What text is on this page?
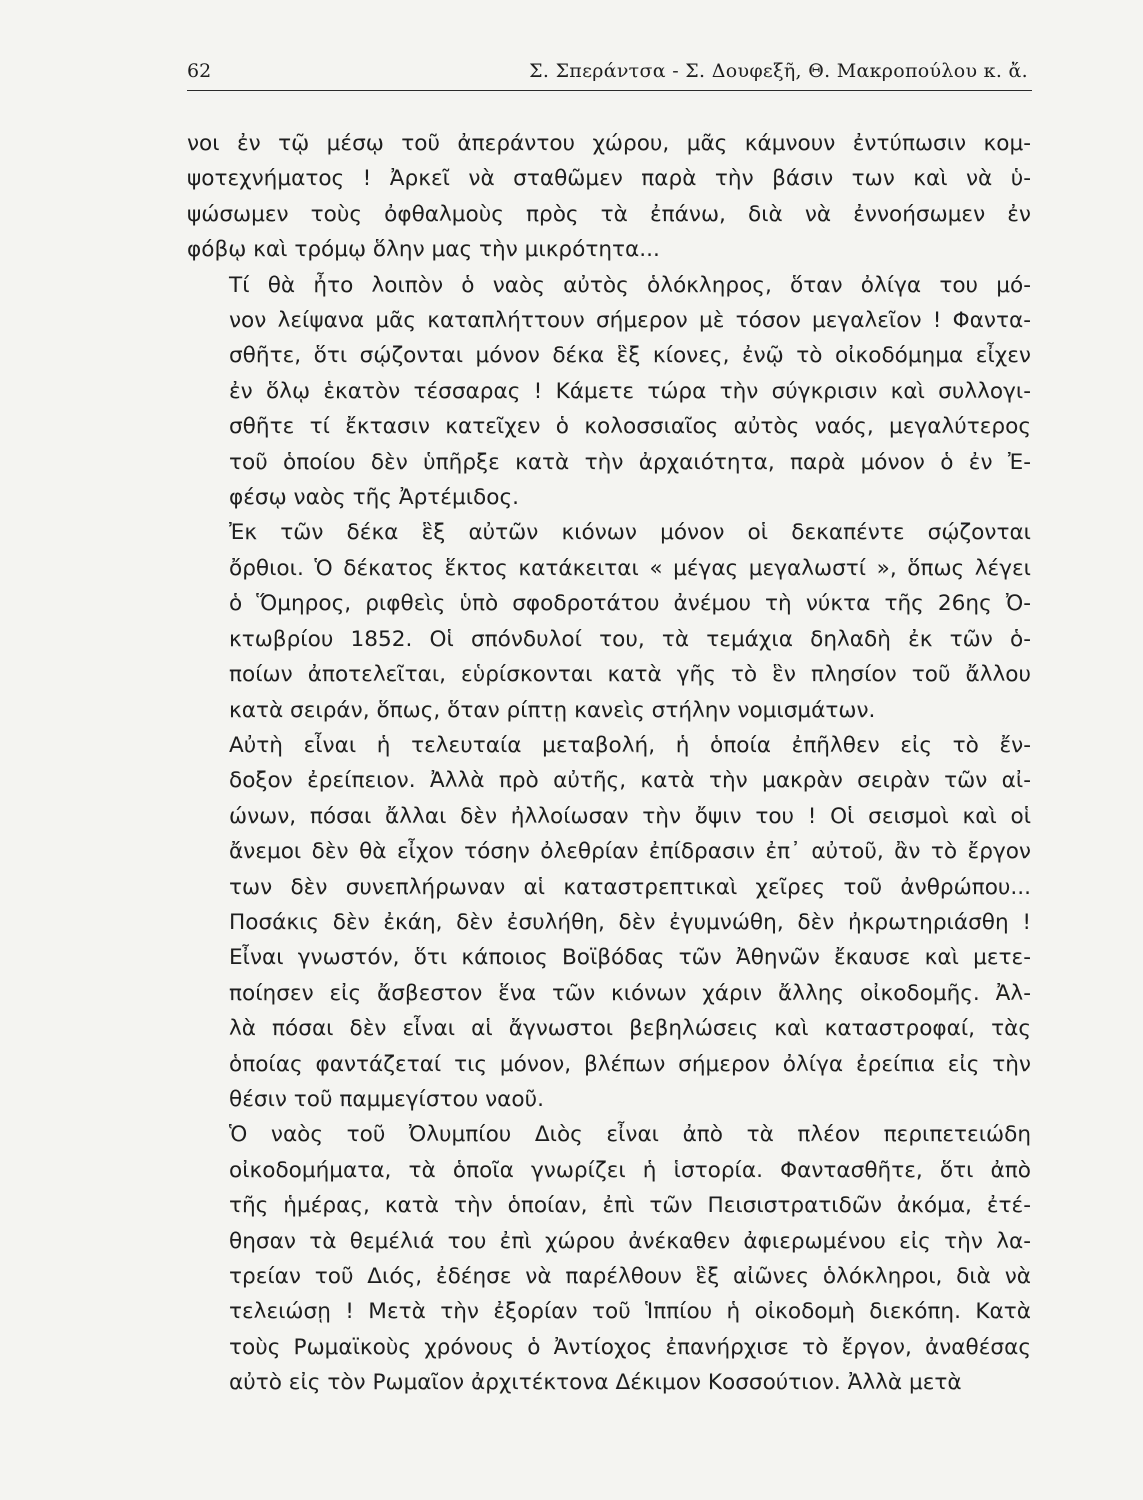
62	Σ. Σπεράντσα - Σ. Δουφεξῆ, Θ. Μακροπούλου κ. ἄ.

νοι ἐν τῷ μέσῳ τοῦ ἀπεράντου χώρου, μᾶς κάμνουν ἐντύπωσιν κομ-
ψοτεχνήματος ! Ἀρκεῖ νὰ σταθῶμεν παρὰ τὴν βάσιν των καὶ νὰ ὑ-
ψώσωμεν τοὺς ὀφθαλμοὺς πρὸς τὰ ἐπάνω, διὰ νὰ ἐννοήσωμεν ἐν
φόβῳ καὶ τρόμῳ ὅλην μας τὴν μικρότητα...

Τί θὰ ἦτο λοιπὸν ὁ ναὸς αὐτὸς ὁλόκληρος, ὅταν ὀλίγα του μό-
νον λείψανα μᾶς καταπλήττουν σήμερον μὲ τόσον μεγαλεῖον ! Φαντα-
σθῆτε, ὅτι σῴζονται μόνον δέκα ἓξ κίονες, ἐνῷ τὸ οἰκοδόμημα εἶχεν
ἐν ὅλῳ ἑκατὸν τέσσαρας ! Κάμετε τώρα τὴν σύγκρισιν καὶ συλλογι-
σθῆτε τί ἔκτασιν κατεῖχεν ὁ κολοσσιαῖος αὐτὸς ναός, μεγαλύτερος
τοῦ ὁποίου δὲν ὑπῆρξε κατὰ τὴν ἀρχαιότητα, παρὰ μόνον ὁ ἐν Ἐ-
φέσῳ ναὸς τῆς Ἀρτέμιδος.

Ἐκ τῶν δέκα ἓξ αὐτῶν κιόνων μόνον οἱ δεκαπέντε σῴζονται
ὄρθιοι. Ὁ δέκατος ἕκτος κατάκειται « μέγας μεγαλωστί », ὅπως λέγει
ὁ Ὅμηρος, ριφθεὶς ὑπὸ σφοδροτάτου ἀνέμου τὴ νύκτα τῆς 26ης Ὀ-
κτωβρίου 1852. Οἱ σπόνδυλοί του, τὰ τεμάχια δηλαδὴ ἐκ τῶν ὁ-
ποίων ἀποτελεῖται, εὑρίσκονται κατὰ γῆς τὸ ἓν πλησίον τοῦ ἄλλου
κατὰ σειράν, ὅπως, ὅταν ρίπτῃ κανεὶς στήλην νομισμάτων.

Αὐτὴ εἶναι ἡ τελευταία μεταβολή, ἡ ὁποία ἐπῆλθεν εἰς τὸ ἔν-
δοξον ἐρείπειον. Ἀλλὰ πρὸ αὐτῆς, κατὰ τὴν μακρὰν σειρὰν τῶν αἰ-
ώνων, πόσαι ἄλλαι δὲν ἠλλοίωσαν τὴν ὄψιν του ! Οἱ σεισμοὶ καὶ οἱ
ἄνεμοι δὲν θὰ εἶχον τόσην ὀλεθρίαν ἐπίδρασιν ἐπ᾿ αὐτοῦ, ἂν τὸ ἔργον
των δὲν συνεπλήρωναν αἱ καταστρεπτικαὶ χεῖρες τοῦ ἀνθρώπου...
Ποσάκις δὲν ἐκάη, δὲν ἐσυλήθη, δὲν ἐγυμνώθη, δὲν ἠκρωτηριάσθη !
Εἶναι γνωστόν, ὅτι κάποιος Βοϊβόδας τῶν Ἀθηνῶν ἔκαυσε καὶ μετε-
ποίησεν εἰς ἄσβεστον ἕνα τῶν κιόνων χάριν ἄλλης οἰκοδομῆς. Ἀλ-
λὰ πόσαι δὲν εἶναι αἱ ἄγνωστοι βεβηλώσεις καὶ καταστροφαί, τὰς
ὁποίας φαντάζεταί τις μόνον, βλέπων σήμερον ὀλίγα ἐρείπια εἰς τὴν
θέσιν τοῦ παμμεγίστου ναοῦ.

Ὁ ναὸς τοῦ Ὀλυμπίου Διὸς εἶναι ἀπὸ τὰ πλέον περιπετειώδη
οἰκοδομήματα, τὰ ὁποῖα γνωρίζει ἡ ἱστορία. Φαντασθῆτε, ὅτι ἀπὸ
τῆς ἡμέρας, κατὰ τὴν ὁποίαν, ἐπὶ τῶν Πεισιστρατιδῶν ἀκόμα, ἐτέ-
θησαν τὰ θεμέλιά του ἐπὶ χώρου ἀνέκαθεν ἀφιερωμένου εἰς τὴν λα-
τρείαν τοῦ Διός, ἐδέησε νὰ παρέλθουν ἓξ αἰῶνες ὁλόκληροι, διὰ νὰ
τελειώσῃ ! Μετὰ τὴν ἐξορίαν τοῦ Ἱππίου ἡ οἰκοδομὴ διεκόπη. Κατὰ
τοὺς Ρωμαϊκοὺς χρόνους ὁ Ἀντίοχος ἐπανήρχισε τὸ ἔργον, ἀναθέσας
αὐτὸ εἰς τὸν Ρωμαῖον ἀρχιτέκτονα Δέκιμον Κοσσούτιον. Ἀλλὰ μετὰ
